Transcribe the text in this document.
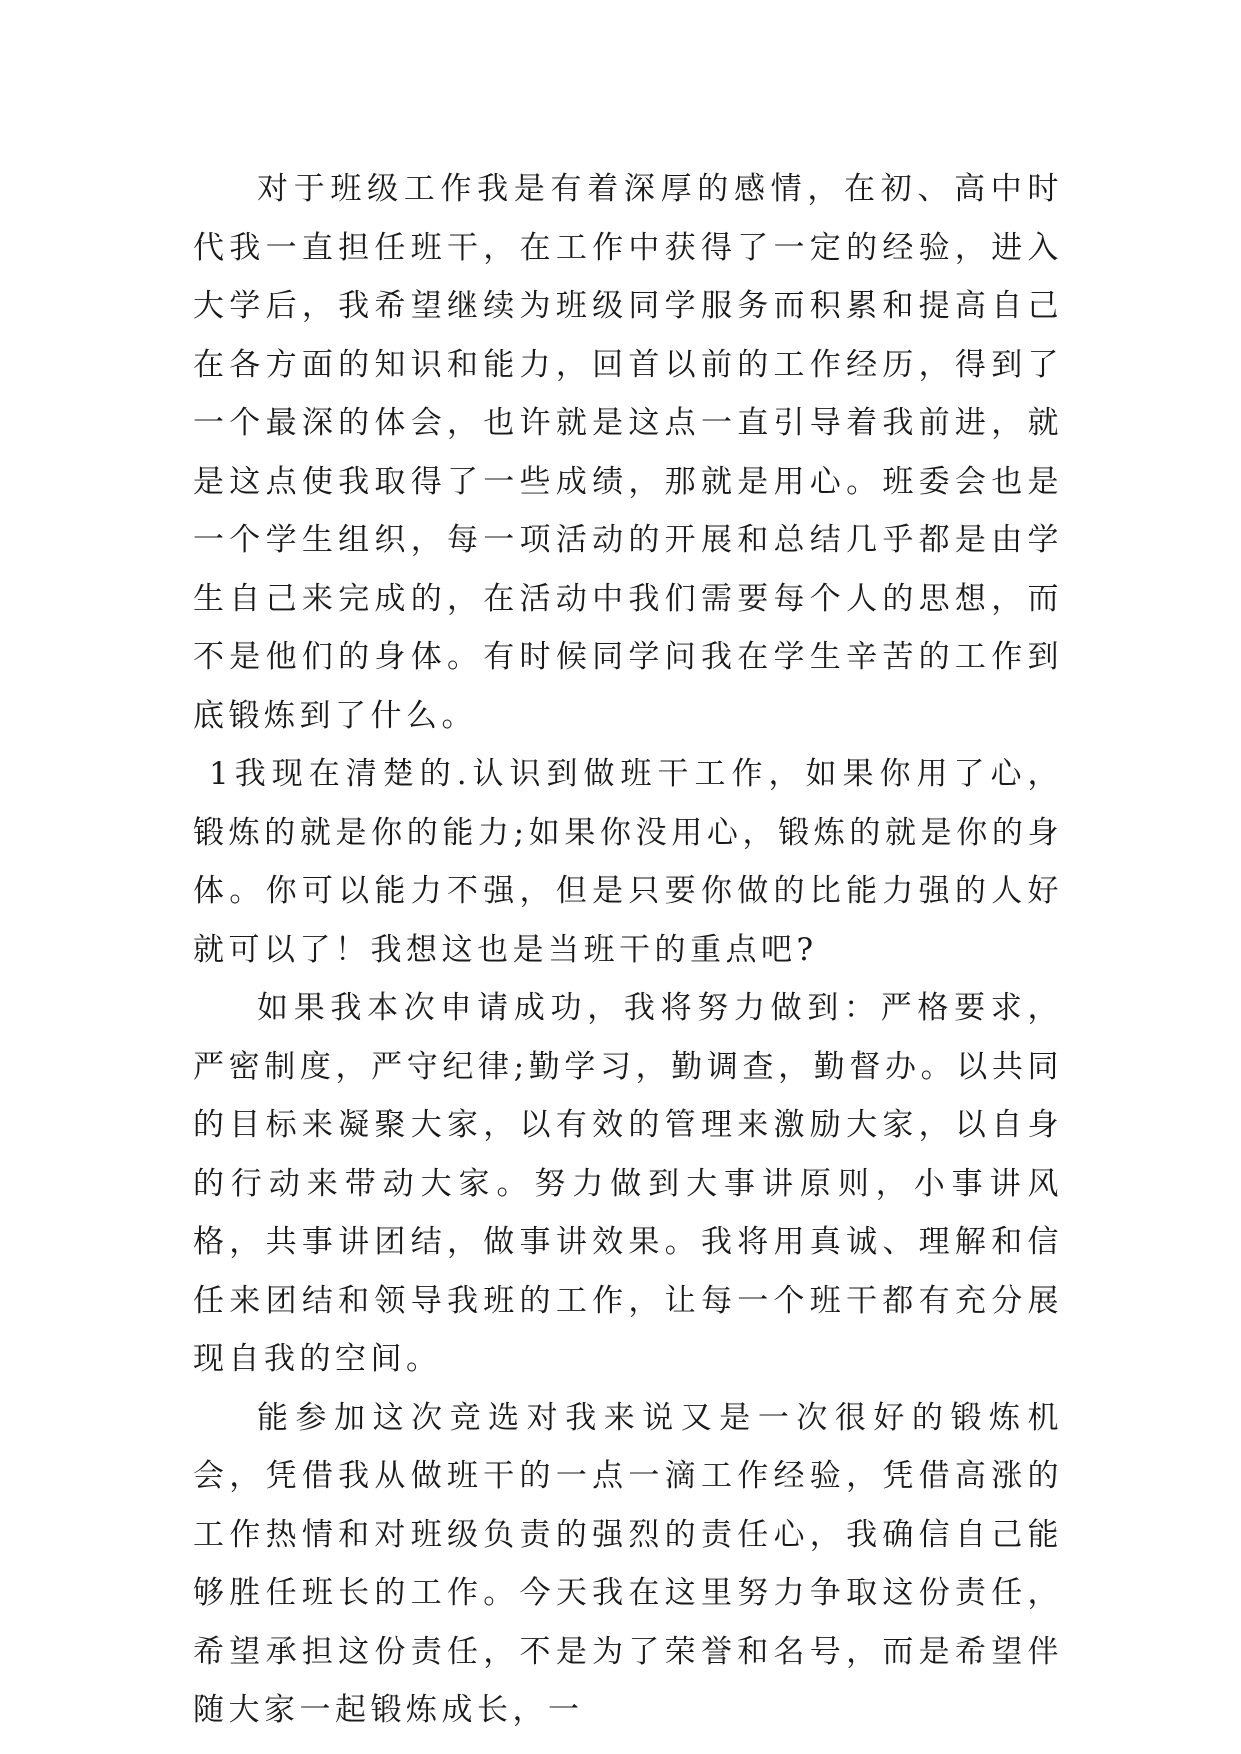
对于班级工作我是有着深厚的感情，在初、高中时代我一直担任班干，在工作中获得了一定的经验，进入大学后，我希望继续为班级同学服务而积累和提高自己在各方面的知识和能力，回首以前的工作经历，得到了一个最深的体会，也许就是这点一直引导着我前进，就是这点使我取得了一些成绩，那就是用心。班委会也是一个学生组织，每一项活动的开展和总结几乎都是由学生自己来完成的，在活动中我们需要每个人的思想，而不是他们的身体。有时候同学问我在学生辛苦的工作到底锻炼到了什么。

1我现在清楚的.认识到做班干工作，如果你用了心，锻炼的就是你的能力;如果你没用心，锻炼的就是你的身体。你可以能力不强，但是只要你做的比能力强的人好就可以了！我想这也是当班干的重点吧?

如果我本次申请成功，我将努力做到：严格要求，严密制度，严守纪律;勤学习，勤调查，勤督办。以共同的目标来凝聚大家，以有效的管理来激励大家，以自身的行动来带动大家。努力做到大事讲原则，小事讲风格，共事讲团结，做事讲效果。我将用真诚、理解和信任来团结和领导我班的工作，让每一个班干都有充分展现自我的空间。

能参加这次竞选对我来说又是一次很好的锻炼机会，凭借我从做班干的一点一滴工作经验，凭借高涨的工作热情和对班级负责的强烈的责任心，我确信自己能够胜任班长的工作。今天我在这里努力争取这份责任，希望承担这份责任，不是为了荣誉和名号，而是希望伴随大家一起锻炼成长，一
